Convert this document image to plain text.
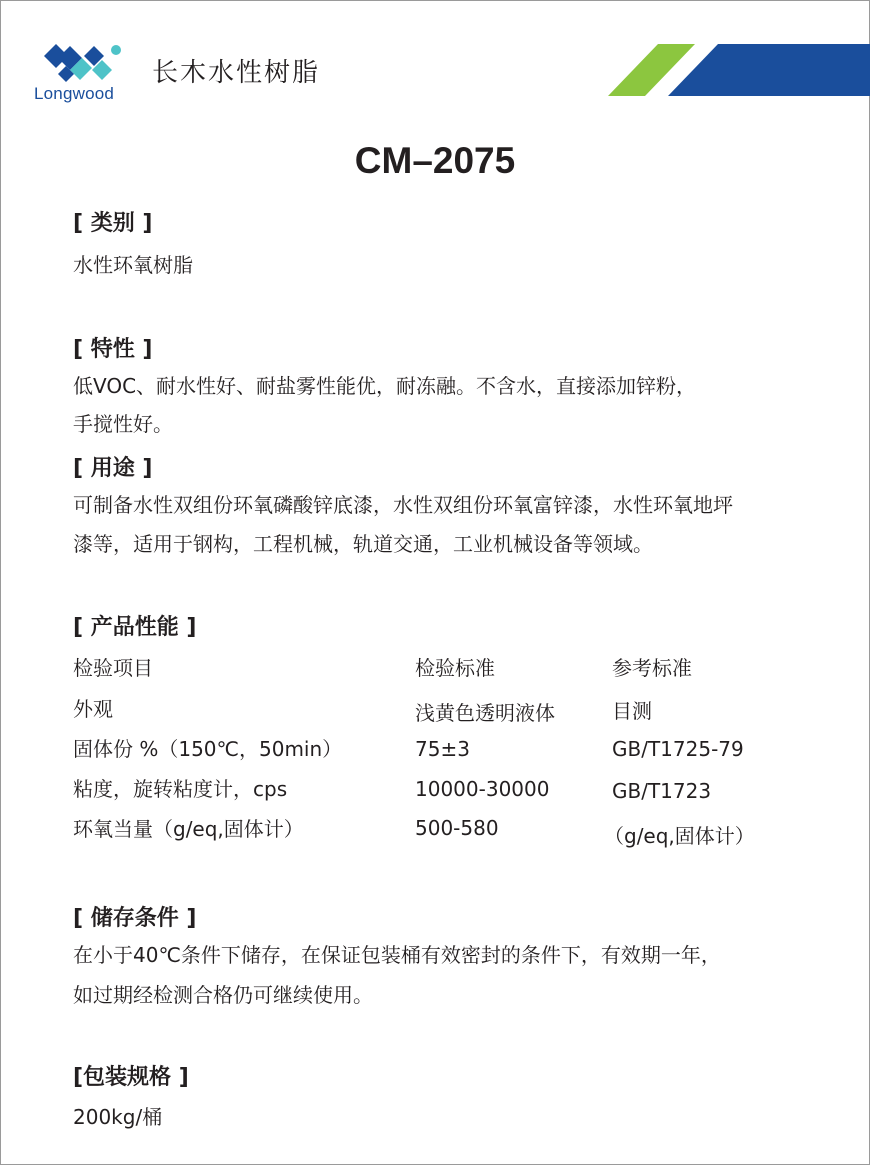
Longwood
长木水性树脂
CM–2075
[ 类别 ]
水性环氧树脂
[ 特性 ]
低VOC、耐水性好、耐盐雾性能优，耐冻融。不含水，直接添加锌粉，
手搅性好。
[ 用途 ]
可制备水性双组份环氧磷酸锌底漆，水性双组份环氧富锌漆，水性环氧地坪
漆等，适用于钢构，工程机械，轨道交通，工业机械设备等领域。
[ 产品性能 ]
检验项目	检验标准	参考标准
外观	浅黄色透明液体	目测
固体份 %（150℃，50min）	75±3	GB/T1725-79
粘度，旋转粘度计，cps	10000-30000	GB/T1723
环氧当量（g/eq,固体计）	500-580	（g/eq,固体计）
[ 储存条件 ]
在小于40℃条件下储存，在保证包装桶有效密封的条件下，有效期一年，
如过期经检测合格仍可继续使用。
[包装规格 ]
200kg/桶
